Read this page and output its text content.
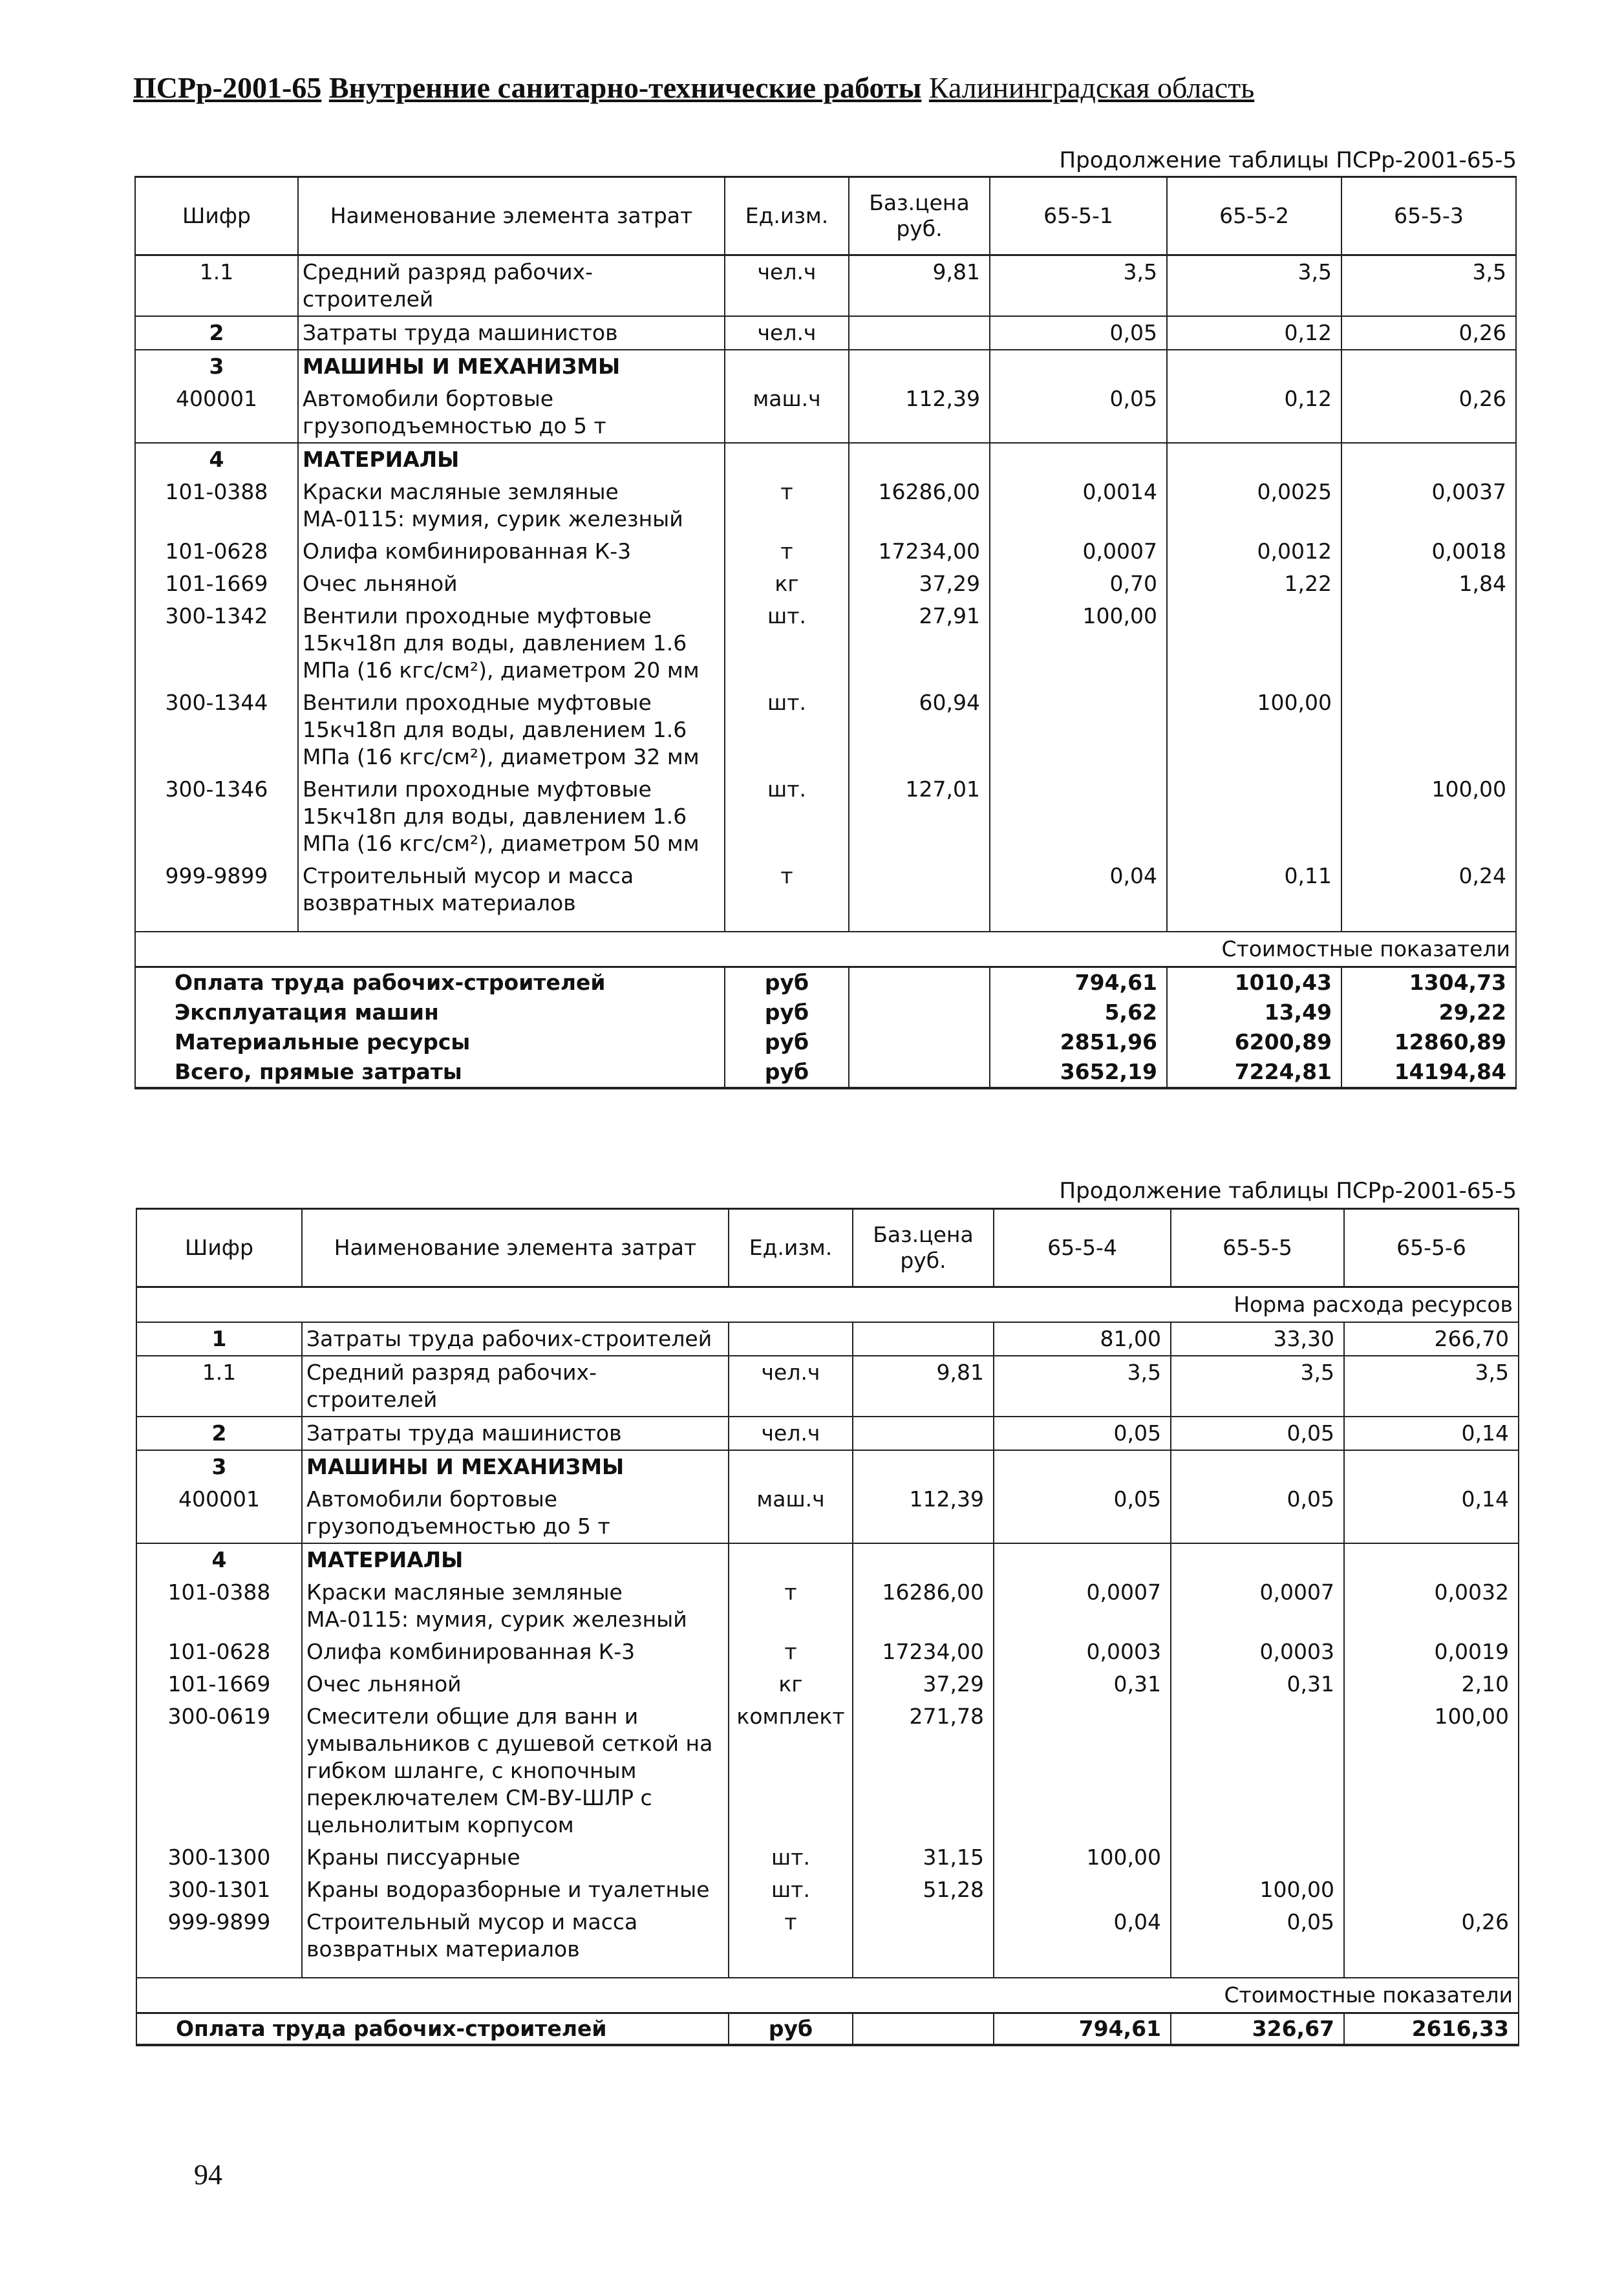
ПСРр-2001-65 Внутренние санитарно-технические работы Калининградская область
Продолжение таблицы ПСРр-2001-65-5
Шифр	Наименование элемента затрат	Ед.изм.	Баз.цена руб.	65-5-1	65-5-2	65-5-3
1.1	Средний разряд рабочих-строителей	чел.ч	9,81	3,5	3,5	3,5
2	Затраты труда машинистов	чел.ч		0,05	0,12	0,26
3	МАШИНЫ И МЕХАНИЗМЫ					
400001	Автомобили бортовые грузоподъемностью до 5 т	маш.ч	112,39	0,05	0,12	0,26
4	МАТЕРИАЛЫ					
101-0388	Краски масляные земляные МА-0115: мумия, сурик железный	т	16286,00	0,0014	0,0025	0,0037
101-0628	Олифа комбинированная К-3	т	17234,00	0,0007	0,0012	0,0018
101-1669	Очес льняной	кг	37,29	0,70	1,22	1,84
300-1342	Вентили проходные муфтовые 15кч18п для воды, давлением 1.6 МПа (16 кгс/см²), диаметром 20 мм	шт.	27,91	100,00		
300-1344	Вентили проходные муфтовые 15кч18п для воды, давлением 1.6 МПа (16 кгс/см²), диаметром 32 мм	шт.	60,94		100,00	
300-1346	Вентили проходные муфтовые 15кч18п для воды, давлением 1.6 МПа (16 кгс/см²), диаметром 50 мм	шт.	127,01			100,00
999-9899	Строительный мусор и масса возвратных материалов	т		0,04	0,11	0,24

Стоимостные показатели						
Оплата труда рабочих-строителей		руб		794,61	1010,43	1304,73
Эксплуатация машин		руб		5,62	13,49	29,22
Материальные ресурсы		руб		2851,96	6200,89	12860,89
Всего, прямые затраты		руб		3652,19	7224,81	14194,84
Продолжение таблицы ПСРр-2001-65-5
Шифр	Наименование элемента затрат	Ед.изм.	Баз.цена руб.	65-5-4	65-5-5	65-5-6
Норма расхода ресурсов						
1	Затраты труда рабочих-строителей			81,00	33,30	266,70
1.1	Средний разряд рабочих-строителей	чел.ч	9,81	3,5	3,5	3,5
2	Затраты труда машинистов	чел.ч		0,05	0,05	0,14
3	МАШИНЫ И МЕХАНИЗМЫ					
400001	Автомобили бортовые грузоподъемностью до 5 т	маш.ч	112,39	0,05	0,05	0,14
4	МАТЕРИАЛЫ					
101-0388	Краски масляные земляные МА-0115: мумия, сурик железный	т	16286,00	0,0007	0,0007	0,0032
101-0628	Олифа комбинированная К-3	т	17234,00	0,0003	0,0003	0,0019
101-1669	Очес льняной	кг	37,29	0,31	0,31	2,10
300-0619	Смесители общие для ванн и умывальников с душевой сеткой на гибком шланге, с кнопочным переключателем СМ-ВУ-ШЛР с цельнолитым корпусом	комплект	271,78			100,00
300-1300	Краны писсуарные	шт.	31,15	100,00		
300-1301	Краны водоразборные и туалетные	шт.	51,28		100,00	
999-9899	Строительный мусор и масса возвратных материалов	т		0,04	0,05	0,26

Стоимостные показатели						
Оплата труда рабочих-строителей		руб		794,61	326,67	2616,33
94
